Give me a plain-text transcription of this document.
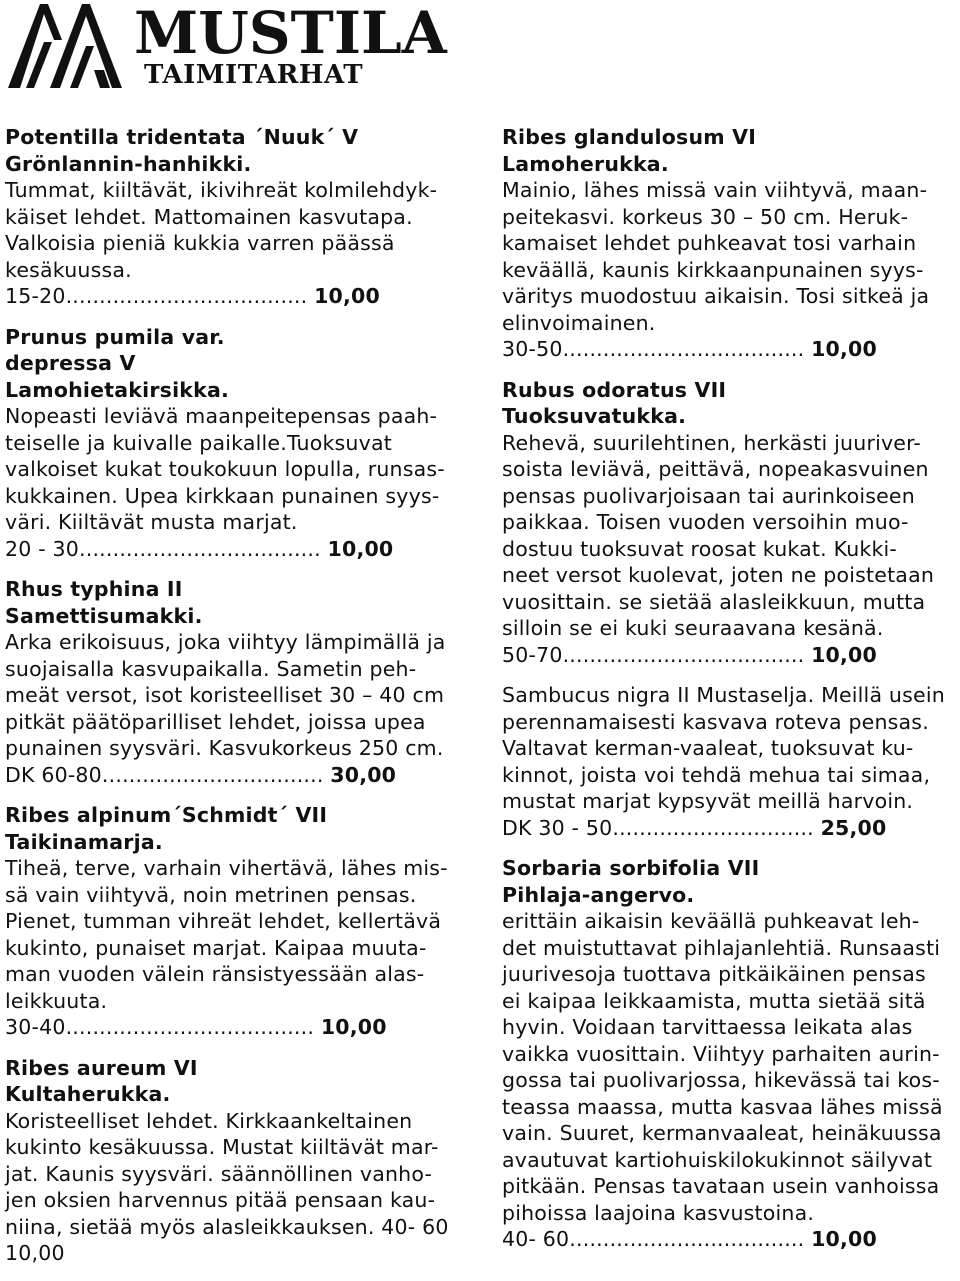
MUSTILA
TAIMITARHAT
Potentilla tridentata ´Nuuk´ V
Grönlannin-hanhikki.
Tummat, kiiltävät, ikivihreät kolmilehdyk-
käiset lehdet. Mattomainen kasvutapa.
Valkoisia pieniä kukkia varren päässä
kesäkuussa.
15-20.................................... 10,00
Prunus pumila var.
depressa V
Lamohietakirsikka.
Nopeasti leviävä maanpeitepensas paah-
teiselle ja kuivalle paikalle.Tuoksuvat
valkoiset kukat toukokuun lopulla, runsas-
kukkainen. Upea kirkkaan punainen syys-
väri. Kiiltävät musta marjat.
20 - 30.................................... 10,00
Rhus typhina II
Samettisumakki.
Arka erikoisuus, joka viihtyy lämpimällä ja
suojaisalla kasvupaikalla. Sametin peh-
meät versot, isot koristeelliset 30 – 40 cm
pitkät päätöparilliset lehdet, joissa upea
punainen syysväri. Kasvukorkeus 250 cm.
DK 60-80................................. 30,00
Ribes alpinum´Schmidt´ VII
Taikinamarja.
Tiheä, terve, varhain vihertävä, lähes mis-
sä vain viihtyvä, noin metrinen pensas.
Pienet, tumman vihreät lehdet, kellertävä
kukinto, punaiset marjat. Kaipaa muuta-
man vuoden välein ränsistyessään alas-
leikkuuta.
30-40..................................... 10,00
Ribes aureum VI
Kultaherukka.
Koristeelliset lehdet. Kirkkaankeltainen
kukinto kesäkuussa. Mustat kiiltävät mar-
jat. Kaunis syysväri. säännöllinen vanho-
jen oksien harvennus pitää pensaan kau-
niina, sietää myös alasleikkauksen. 40- 60
10,00
Ribes glandulosum VI
Lamoherukka.
Mainio, lähes missä vain viihtyvä, maan-
peitekasvi. korkeus 30 – 50 cm. Heruk-
kamaiset lehdet puhkeavat tosi varhain
keväällä, kaunis kirkkaanpunainen syys-
väritys muodostuu aikaisin. Tosi sitkeä ja
elinvoimainen.
30-50.................................... 10,00
Rubus odoratus VII
Tuoksuvatukka.
Rehevä, suurilehtinen, herkästi juuriver-
soista leviävä, peittävä, nopeakasvuinen
pensas puolivarjoisaan tai aurinkoiseen
paikkaa. Toisen vuoden versoihin muo-
dostuu tuoksuvat roosat kukat. Kukki-
neet versot kuolevat, joten ne poistetaan
vuosittain. se sietää alasleikkuun, mutta
silloin se ei kuki seuraavana kesänä.
50-70.................................... 10,00
Sambucus nigra II Mustaselja. Meillä usein
perennamaisesti kasvava roteva pensas.
Valtavat kerman-vaaleat, tuoksuvat ku-
kinnot, joista voi tehdä mehua tai simaa,
mustat marjat kypsyvät meillä harvoin.
DK 30 - 50.............................. 25,00
Sorbaria sorbifolia VII
Pihlaja-angervo.
erittäin aikaisin keväällä puhkeavat leh-
det muistuttavat pihlajanlehtiä. Runsaasti
juurivesoja tuottava pitkäikäinen pensas
ei kaipaa leikkaamista, mutta sietää sitä
hyvin. Voidaan tarvittaessa leikata alas
vaikka vuosittain. Viihtyy parhaiten aurin-
gossa tai puolivarjossa, hikevässä tai kos-
teassa maassa, mutta kasvaa lähes missä
vain. Suuret, kermanvaaleat, heinäkuussa
avautuvat kartiohuiskilokukinnot säilyvat
pitkään. Pensas tavataan usein vanhoissa
pihoissa laajoina kasvustoina.
40- 60................................... 10,00
